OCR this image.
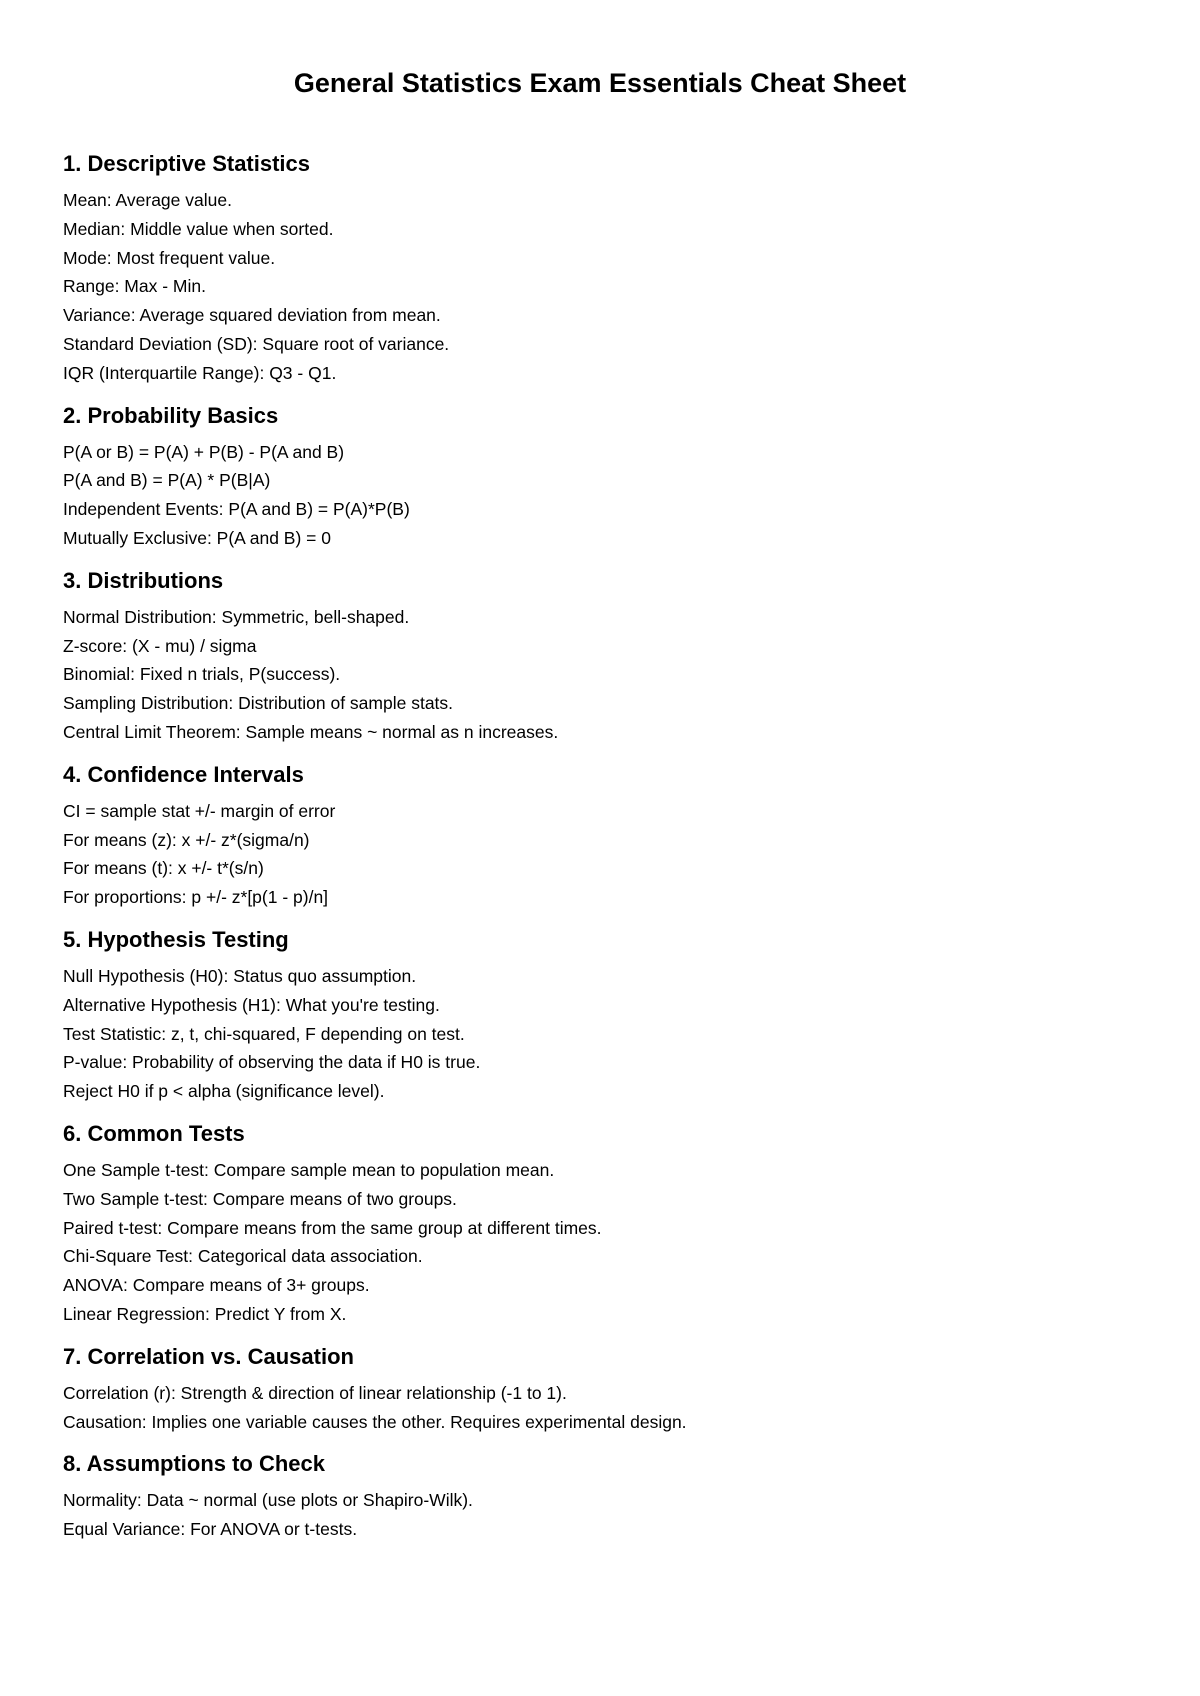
General Statistics Exam Essentials Cheat Sheet
1. Descriptive Statistics
Mean: Average value.
Median: Middle value when sorted.
Mode: Most frequent value.
Range: Max - Min.
Variance: Average squared deviation from mean.
Standard Deviation (SD): Square root of variance.
IQR (Interquartile Range): Q3 - Q1.
2. Probability Basics
P(A or B) = P(A) + P(B) - P(A and B)
P(A and B) = P(A) * P(B|A)
Independent Events: P(A and B) = P(A)*P(B)
Mutually Exclusive: P(A and B) = 0
3. Distributions
Normal Distribution: Symmetric, bell-shaped.
Z-score: (X - mu) / sigma
Binomial: Fixed n trials, P(success).
Sampling Distribution: Distribution of sample stats.
Central Limit Theorem: Sample means ~ normal as n increases.
4. Confidence Intervals
CI = sample stat +/- margin of error
For means (z): x +/- z*(sigma/n)
For means (t): x +/- t*(s/n)
For proportions: p +/- z*[p(1 - p)/n]
5. Hypothesis Testing
Null Hypothesis (H0): Status quo assumption.
Alternative Hypothesis (H1): What you're testing.
Test Statistic: z, t, chi-squared, F depending on test.
P-value: Probability of observing the data if H0 is true.
Reject H0 if p < alpha (significance level).
6. Common Tests
One Sample t-test: Compare sample mean to population mean.
Two Sample t-test: Compare means of two groups.
Paired t-test: Compare means from the same group at different times.
Chi-Square Test: Categorical data association.
ANOVA: Compare means of 3+ groups.
Linear Regression: Predict Y from X.
7. Correlation vs. Causation
Correlation (r): Strength & direction of linear relationship (-1 to 1).
Causation: Implies one variable causes the other. Requires experimental design.
8. Assumptions to Check
Normality: Data ~ normal (use plots or Shapiro-Wilk).
Equal Variance: For ANOVA or t-tests.
